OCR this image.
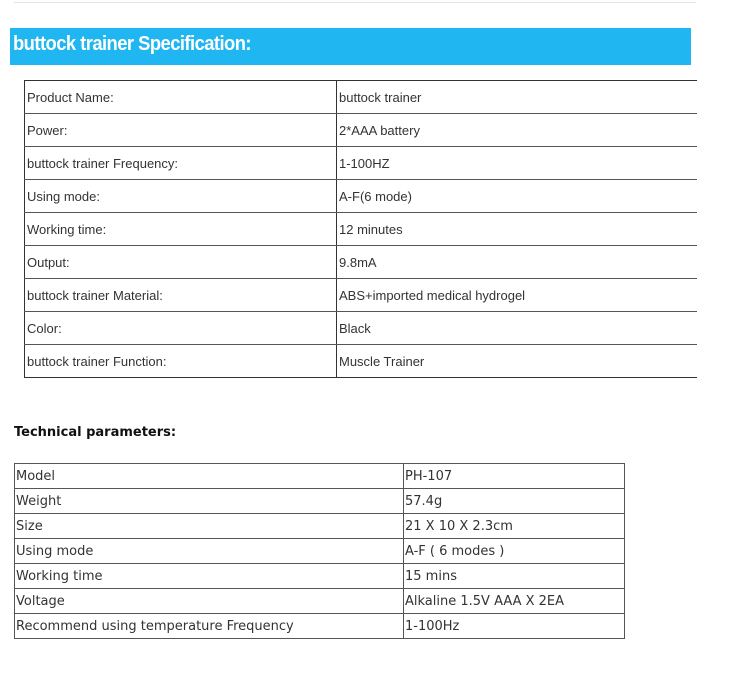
buttock trainer Specification:
Product Name:	buttock trainer
Power:	2*AAA battery
buttock trainer Frequency:	1-100HZ
Using mode:	A-F(6 mode)
Working time:	12 minutes
Output:	9.8mA
buttock trainer Material:	ABS+imported medical hydrogel
Color:	Black
buttock trainer Function:	Muscle Trainer
Technical parameters:
Model	PH-107
Weight	57.4g
Size	21 X 10 X 2.3cm
Using mode	A-F ( 6 modes )
Working time	15 mins
Voltage	Alkaline 1.5V AAA X 2EA
Recommend using temperature Frequency	1-100Hz
